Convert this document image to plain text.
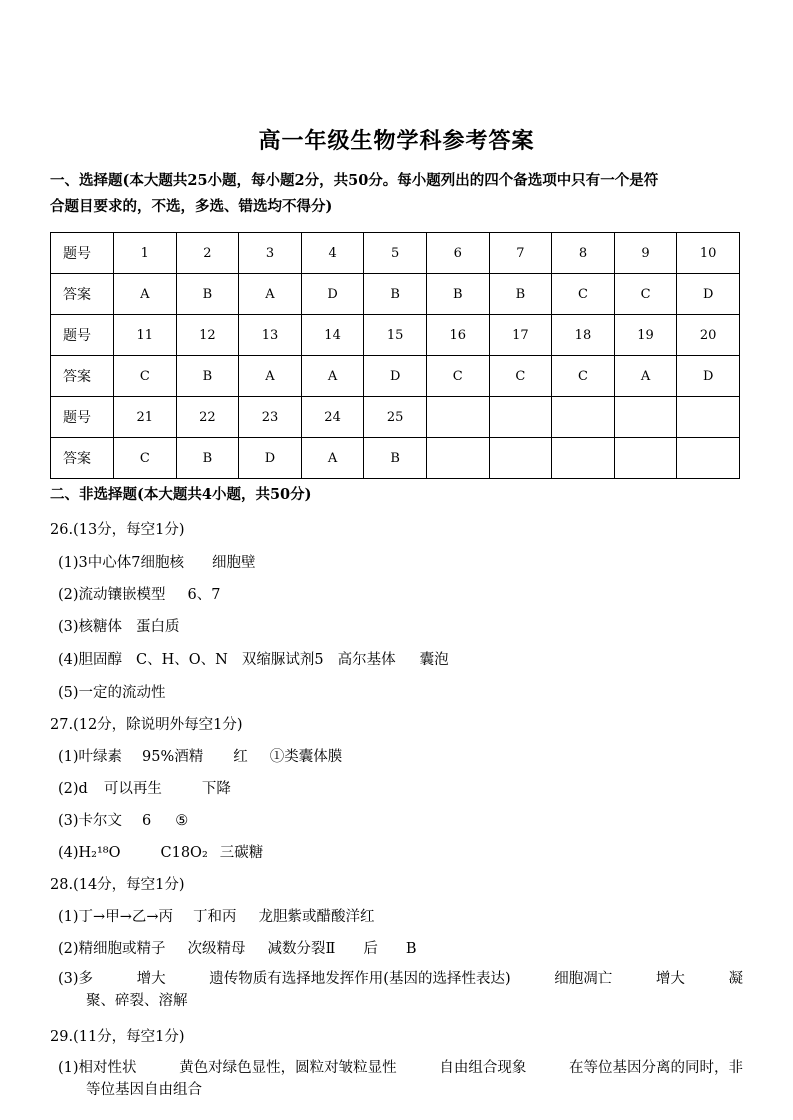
高一年级生物学科参考答案
一、选择题(本大题共25小题，每小题2分，共50分。每小题列出的四个备选项中只有一个是符
合题目要求的，不选，多选、错选均不得分)
题号	1	2	3	4	5	6	7	8	9	10
答案	A	B	A	D	B	B	B	C	C	D
题号	11	12	13	14	15	16	17	18	19	20
答案	C	B	A	A	D	C	C	C	A	D
题号	21	22	23	24	25					
答案	C	B	D	A	B					
二、非选择题(本大题共4小题，共50分)
26.(13分，每空1分)
(1)3中心体7细胞核 细胞壁
(2)流动镶嵌模型 6、7
(3)核糖体 蛋白质
(4)胆固醇 C、H、O、N 双缩脲试剂5 高尔基体 囊泡
(5)一定的流动性
27.(12分，除说明外每空1分)
(1)叶绿素 95%酒精 红 ①类囊体膜
(2)d 可以再生	下降
(3)卡尔文 6 ⑤
(4)H₂¹⁸O	C18O₂ 三碳糖
28.(14分，每空1分)
(1)丁→甲→乙→丙 丁和丙 龙胆紫或醋酸洋红
(2)精细胞或精子 次级精母 减数分裂Ⅱ 后 B
(3)多	增大	遗传物质有选择地发挥作用(基因的选择性表达)	细胞凋亡	增大	凝
聚、碎裂、溶解
29.(11分，每空1分)
(1)相对性状	黄色对绿色显性，圆粒对皱粒显性	自由组合现象	在等位基因分离的同时，非
等位基因自由组合
